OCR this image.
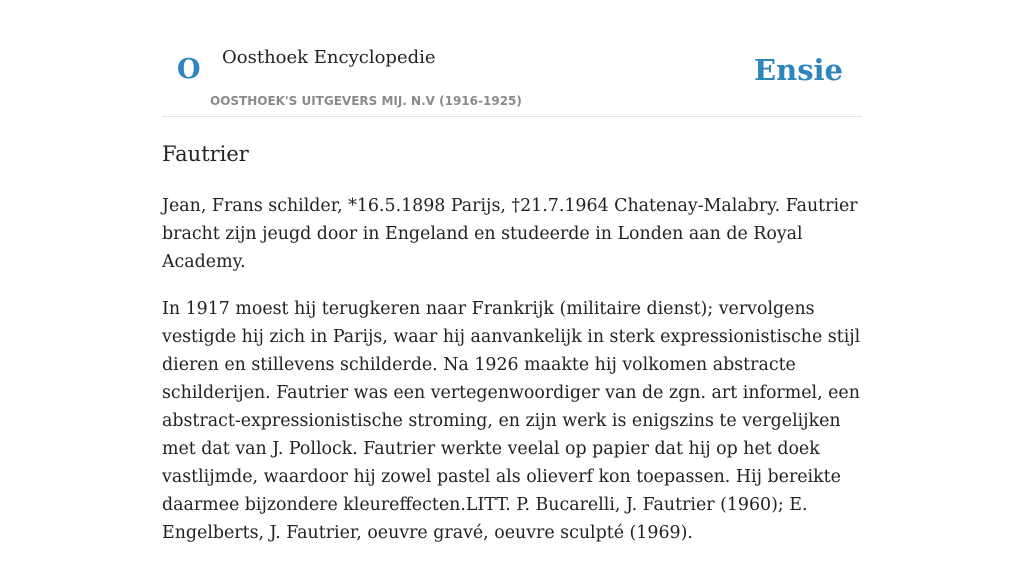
O Oosthoek Encyclopedie
OOSTHOEK'S UITGEVERS MIJ. N.V (1916-1925)
Ensie
Fautrier

Jean, Frans schilder, *16.5.1898 Parijs, †21.7.1964 Chatenay-Malabry. Fautrier bracht zijn jeugd door in Engeland en studeerde in Londen aan de Royal Academy.

In 1917 moest hij terugkeren naar Frankrijk (militaire dienst); vervolgens vestigde hij zich in Parijs, waar hij aanvankelijk in sterk expressionistische stijl dieren en stillevens schilderde. Na 1926 maakte hij volkomen abstracte schilderijen. Fautrier was een vertegenwoordiger van de zgn. art informel, een abstract-expressionistische stroming, en zijn werk is enigszins te vergelijken met dat van J. Pollock. Fautrier werkte veelal op papier dat hij op het doek vastlijmde, waardoor hij zowel pastel als olieverf kon toepassen. Hij bereikte daarmee bijzondere kleureffecten.LITT. P. Bucarelli, J. Fautrier (1960); E. Engelberts, J. Fautrier, oeuvre gravé, oeuvre sculpté (1969).
